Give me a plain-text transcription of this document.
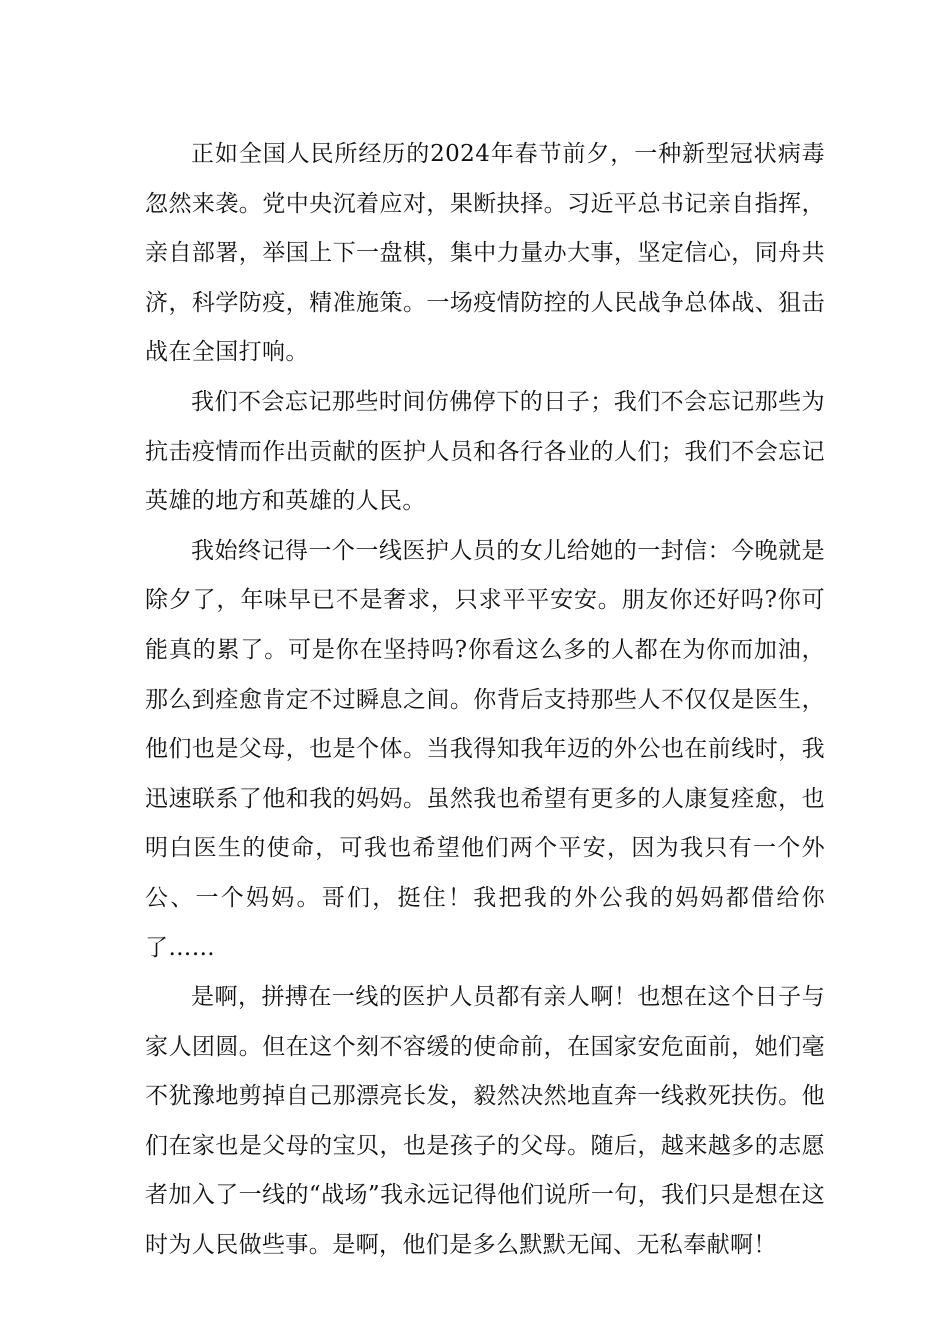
正如全国人民所经历的2024年春节前夕，一种新型冠状病毒忽然来袭。党中央沉着应对，果断抉择。习近平总书记亲自指挥，亲自部署，举国上下一盘棋，集中力量办大事，坚定信心，同舟共济，科学防疫，精准施策。一场疫情防控的人民战争总体战、狙击战在全国打响。

我们不会忘记那些时间仿佛停下的日子；我们不会忘记那些为抗击疫情而作出贡献的医护人员和各行各业的人们；我们不会忘记英雄的地方和英雄的人民。

我始终记得一个一线医护人员的女儿给她的一封信：今晚就是除夕了，年味早已不是奢求，只求平平安安。朋友你还好吗?你可能真的累了。可是你在坚持吗?你看这么多的人都在为你而加油，那么到痊愈肯定不过瞬息之间。你背后支持那些人不仅仅是医生，他们也是父母，也是个体。当我得知我年迈的外公也在前线时，我迅速联系了他和我的妈妈。虽然我也希望有更多的人康复痊愈，也明白医生的使命，可我也希望他们两个平安，因为我只有一个外公、一个妈妈。哥们，挺住！我把我的外公我的妈妈都借给你了……

是啊，拼搏在一线的医护人员都有亲人啊！也想在这个日子与家人团圆。但在这个刻不容缓的使命前，在国家安危面前，她们毫不犹豫地剪掉自己那漂亮长发，毅然决然地直奔一线救死扶伤。他们在家也是父母的宝贝，也是孩子的父母。随后，越来越多的志愿者加入了一线的“战场”我永远记得他们说所一句，我们只是想在这时为人民做些事。是啊，他们是多么默默无闻、无私奉献啊！
